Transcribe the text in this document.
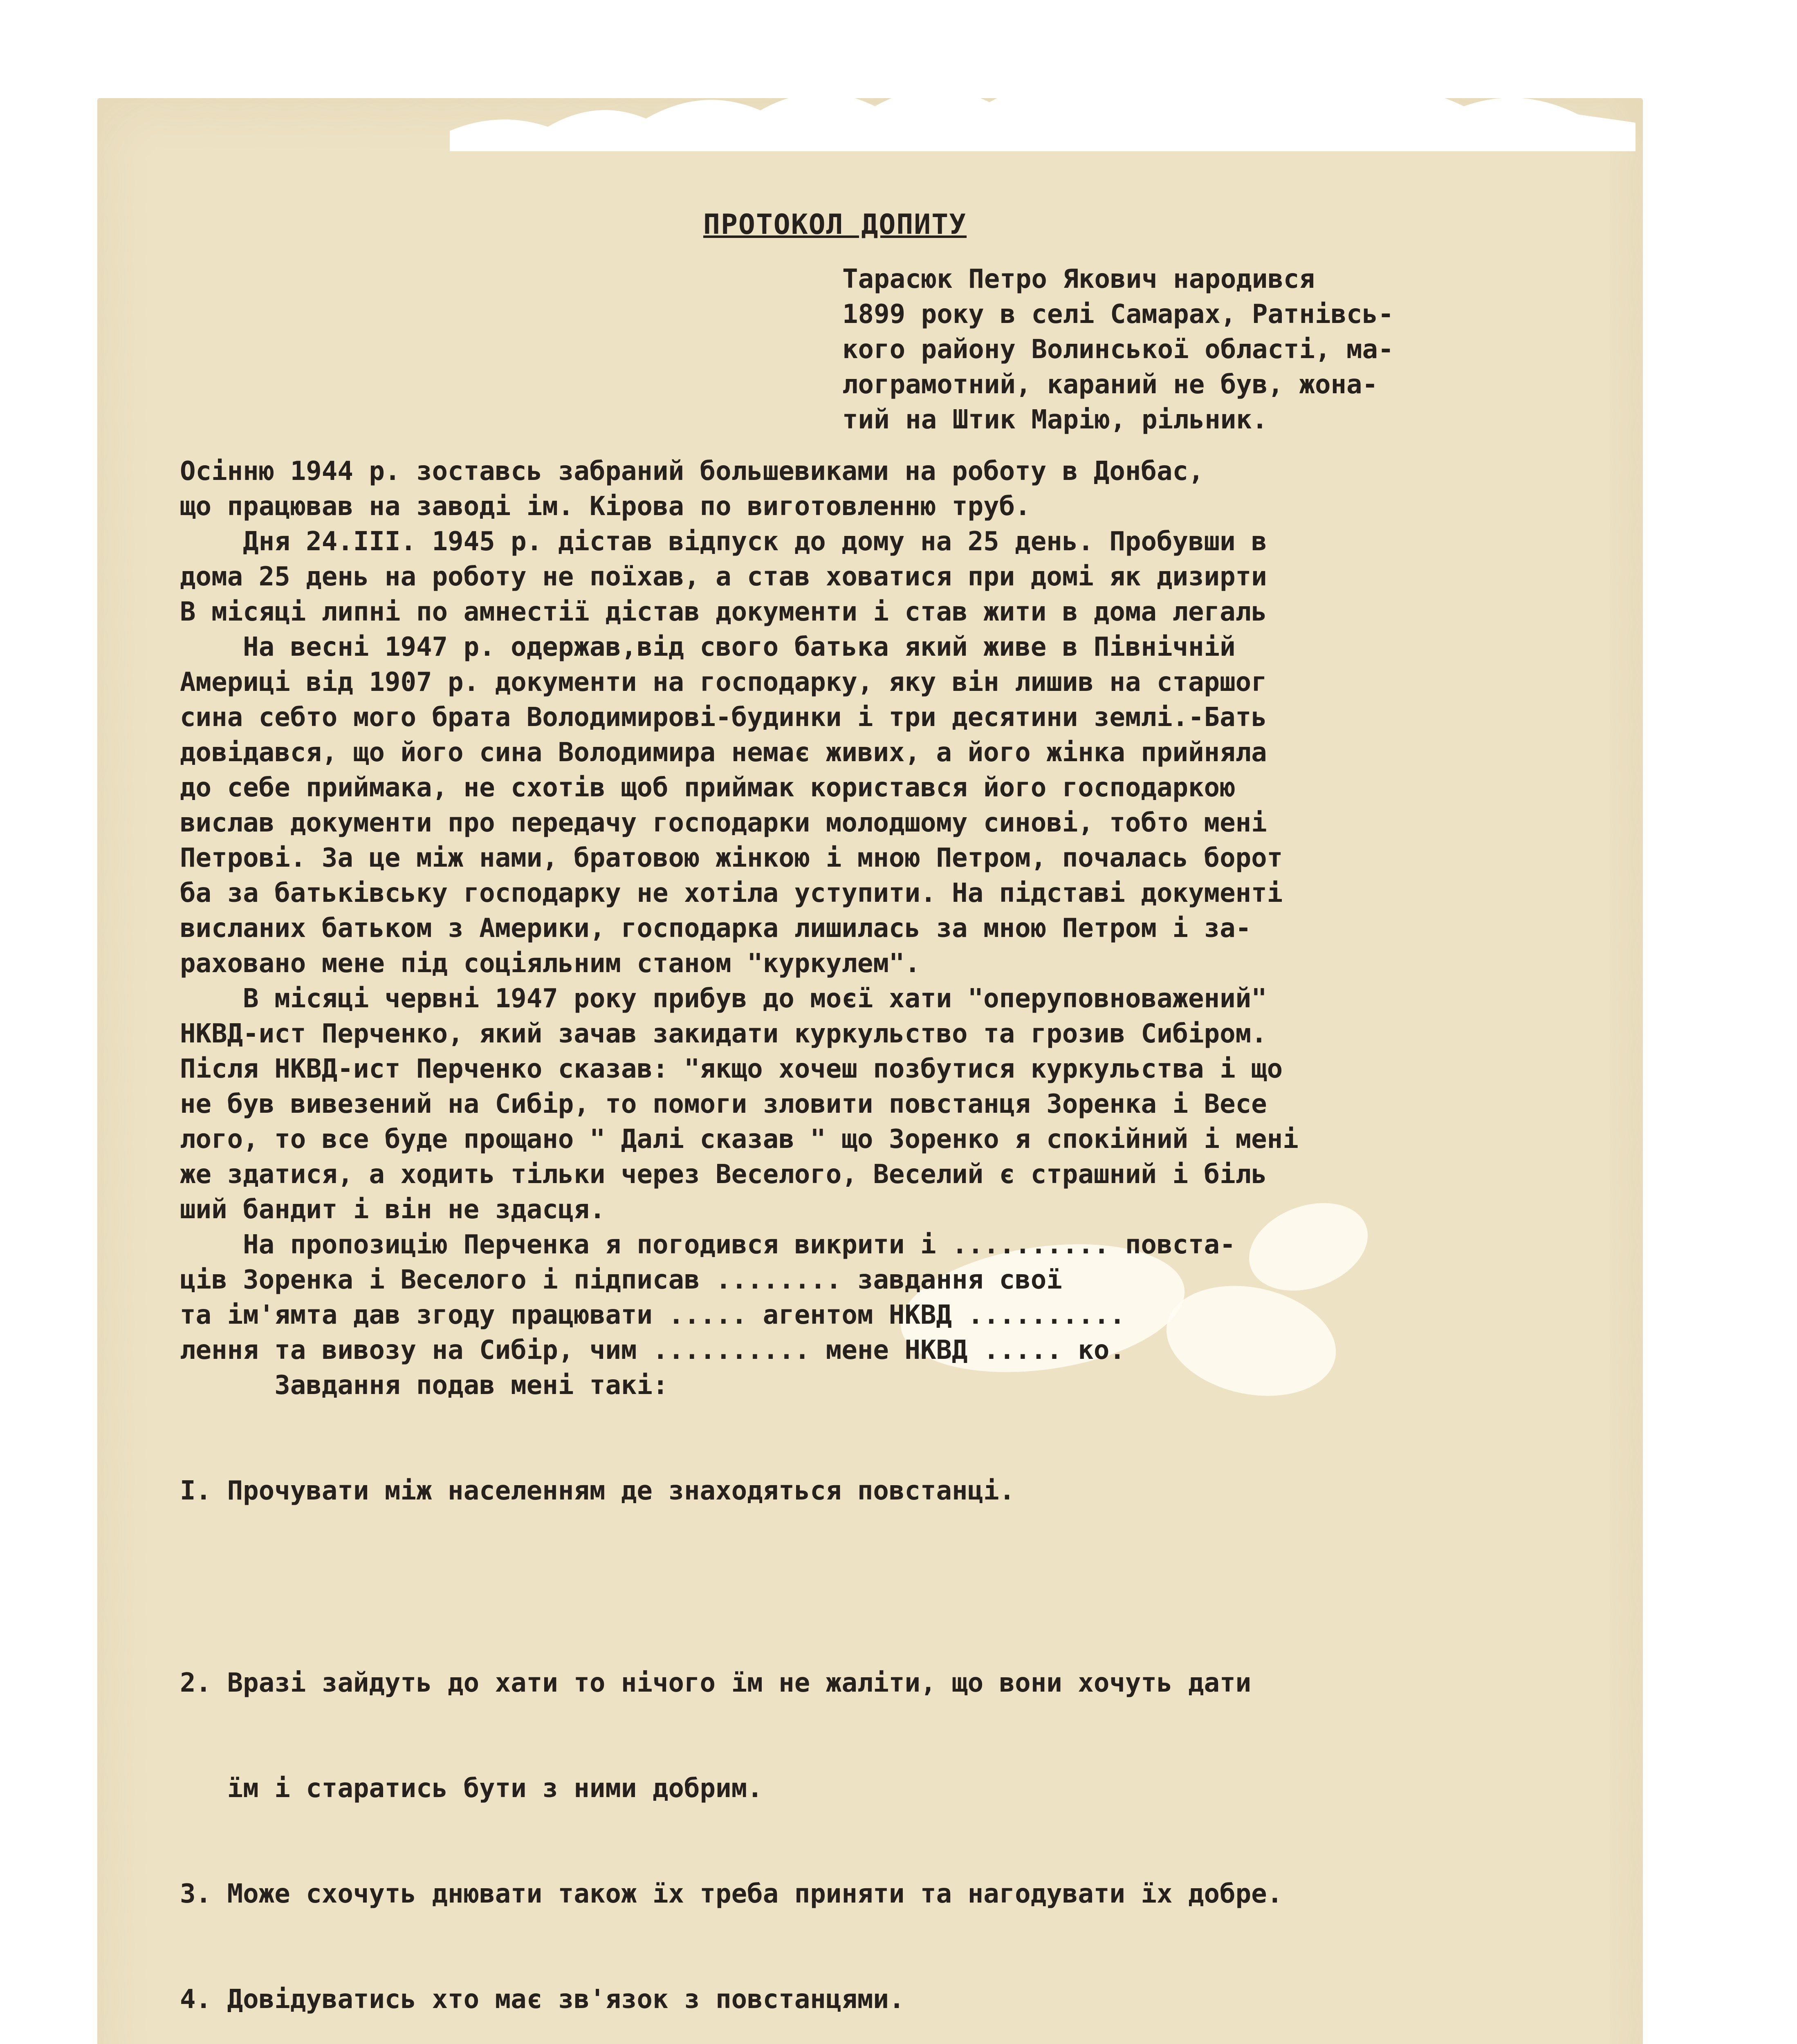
ПРОТОКОЛ ДОПИТУ
Тарасюк Петро Якович народився
1899 року в селі Самарах, Ратнівсь-
кого району Волинської області, ма-
лограмотний, караний не був, жона-
тий на Штик Марію, рільник.
Осінню 1944 р. зоставсь забраний большевиками на роботу в Донбас,
що працював на заводі ім. Кірова по виготовленню труб.
Дня 24.III. 1945 р. дістав відпуск до дому на 25 день. Пробувши в
дома 25 день на роботу не поїхав, а став ховатися при домі як дизирти
В місяці липні по амнестії дістав документи і став жити в дома легаль
На весні 1947 р. одержав,від свого батька який живе в Північній
Америці від 1907 р. документи на господарку, яку він лишив на старшог
сина себто мого брата Володимирові-будинки і три десятини землі.-Бать
довідався, що його сина Володимира немає живих, а його жінка прийняла
до себе приймака, не схотів щоб приймак користався його господаркою
вислав документи про передачу господарки молодшому синові, тобто мені
Петрові. За це між нами, братовою жінкою і мною Петром, почалась борот
ба за батьківську господарку не хотіла уступити. На підставі документі
висланих батьком з Америки, господарка лишилась за мною Петром і за-
раховано мене під соціяльним станом "куркулем".
В місяці червні 1947 року прибув до моєї хати "оперуповноважений"
НКВД-ист Перченко, який зачав закидати куркульство та грозив Сибіром.
Після НКВД-ист Перченко сказав: "якщо хочеш позбутися куркульства і що
не був вивезений на Сибір, то помоги зловити повстанця Зоренка і Весе
лого, то все буде прощано " Далі сказав " що Зоренко я спокійний і мені
же здатися, а ходить тільки через Веселого, Веселий є страшний і біль
ший бандит і він не здасця.
На пропозицію Перченка я погодився викрити і .......... повста-
ців Зоренка і Веселого і підписав ........ завдання свої
та ім'ямта дав згоду працювати ..... агентом НКВД ..........
лення та вивозу на Сибір, чим .......... мене НКВД ..... ко.
Завдання подав мені такі:

I. Прочувати між населенням де знаходяться повстанці.

2. Вразі зайдуть до хати то нічого їм не жаліти, що вони хочуть дати

їм і старатись бути з ними добрим.

3. Може схочуть днювати також їх треба приняти та нагодувати їх добре.

4. Довідуватись хто має зв'язок з повстанцями.
